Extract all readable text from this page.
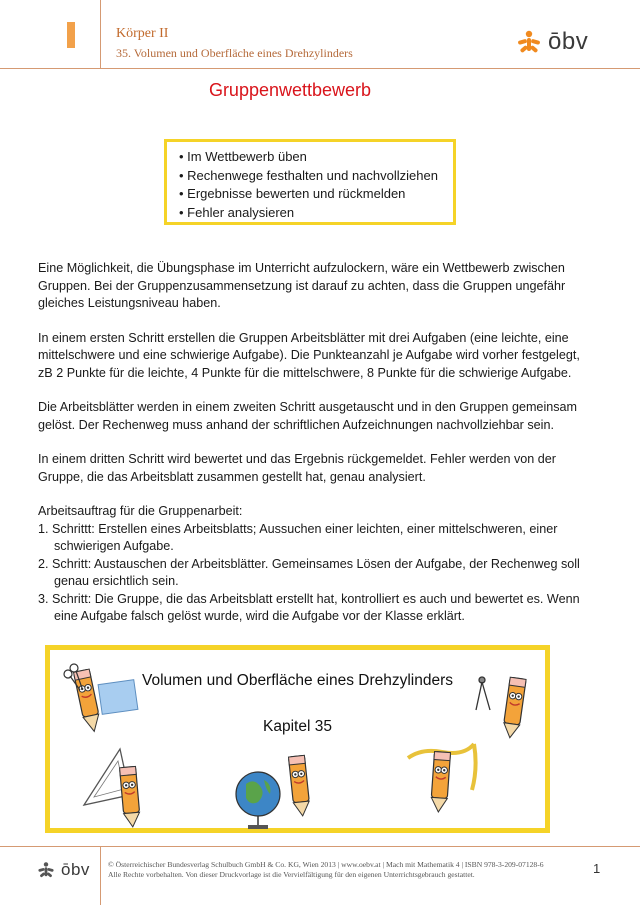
Körper II
35. Volumen und Oberfläche eines Drehzylinders	ōbv
Gruppenwettbewerb
• Im Wettbewerb üben
• Rechenwege festhalten und nachvollziehen
• Ergebnisse bewerten und rückmelden
• Fehler analysieren

Eine Möglichkeit, die Übungsphase im Unterricht aufzulockern, wäre ein Wettbewerb zwischen Gruppen. Bei der Gruppenzusammensetzung ist darauf zu achten, dass die Gruppen ungefähr gleiches Leistungsniveau haben.

In einem ersten Schritt erstellen die Gruppen Arbeitsblätter mit drei Aufgaben (eine leichte, eine mittelschwere und eine schwierige Aufgabe). Die Punkteanzahl je Aufgabe wird vorher festgelegt, zB 2 Punkte für die leichte, 4 Punkte für die mittelschwere, 8 Punkte für die schwierige Aufgabe.

Die Arbeitsblätter werden in einem zweiten Schritt ausgetauscht und in den Gruppen gemeinsam gelöst. Der Rechenweg muss anhand der schriftlichen Aufzeichnungen nachvollziehbar sein.

In einem dritten Schritt wird bewertet und das Ergebnis rückgemeldet. Fehler werden von der Gruppe, die das Arbeitsblatt zusammen gestellt hat, genau analysiert.

Arbeitsauftrag für die Gruppenarbeit:

1. Schrittt: Erstellen eines Arbeitsblatts; Aussuchen einer leichten, einer mittelschweren, einer schwierigen Aufgabe.
2. Schritt: Austauschen der Arbeitsblätter. Gemeinsames Lösen der Aufgabe, der Rechenweg soll genau ersichtlich sein.
3. Schritt: Die Gruppe, die das Arbeitsblatt erstellt hat, kontrolliert es auch und bewertet es. Wenn eine Aufgabe falsch gelöst wurde, wird die Aufgabe vor der Klasse erklärt.
Volumen und Oberfläche eines Drehzylinders
Kapitel 35
ōbv © Österreichischer Bundesverlag Schulbuch GmbH & Co. KG, Wien 2013 | www.oebv.at | Mach mit Mathematik 4 | ISBN 978-3-209-07128-6
Alle Rechte vorbehalten. Von dieser Druckvorlage ist die Vervielfältigung für den eigenen Unterrichtsgebrauch gestattet.	1
